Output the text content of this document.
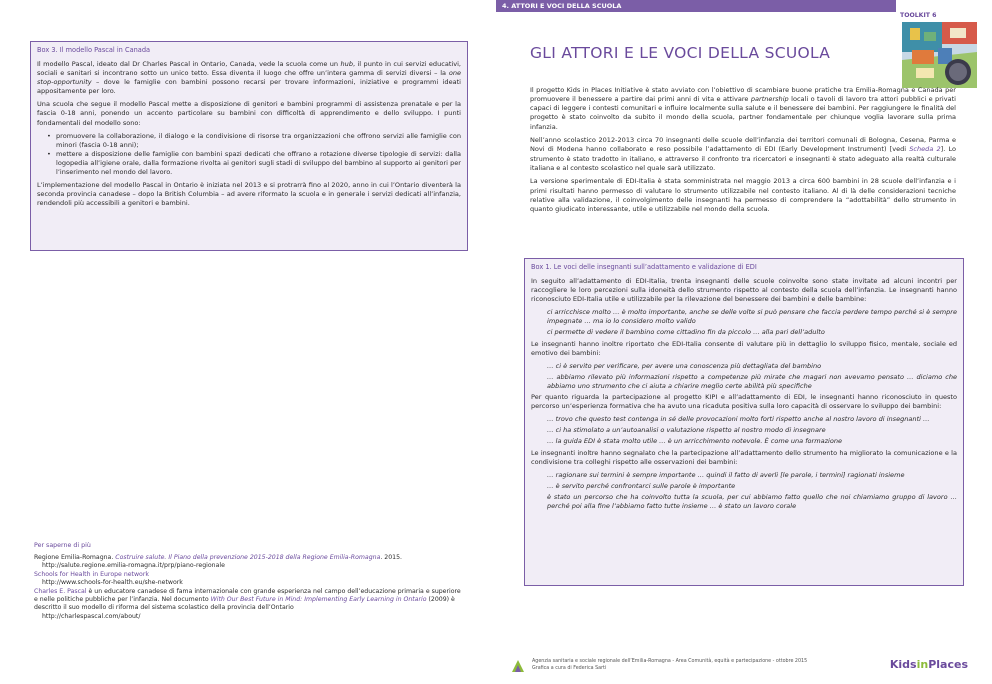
Box 3. Il modello Pascal in Canada

Il modello Pascal, ideato dal Dr Charles Pascal in Ontario, Canada, vede la scuola come un hub, il punto in cui servizi educativi, sociali e sanitari si incontrano sotto un unico tetto. Essa diventa il luogo che offre un’intera gamma di servizi diversi – la one stop-opportunity – dove le famiglie con bambini possono recarsi per trovare informazioni, iniziative e programmi ideati appositamente per loro.

Una scuola che segue il modello Pascal mette a disposizione di genitori e bambini programmi di assistenza prenatale e per la fascia 0-18 anni, ponendo un accento particolare su bambini con difficoltà di apprendimento e dello sviluppo. I punti fondamentali del modello sono:

• promuovere la collaborazione, il dialogo e la condivisione di risorse tra organizzazioni che offrono servizi alle famiglie con minori (fascia 0-18 anni);
• mettere a disposizione delle famiglie con bambini spazi dedicati che offrano a rotazione diverse tipologie di servizi: dalla logopedia all’igiene orale, dalla formazione rivolta ai genitori sugli stadi di sviluppo del bambino al supporto ai genitori per l’inserimento nel mondo del lavoro.

L’implementazione del modello Pascal in Ontario è iniziata nel 2013 e si protrarrà fino al 2020, anno in cui l’Ontario diventerà la seconda provincia canadese – dopo la British Columbia – ad avere riformato la scuola e in generale i servizi dedicati all’infanzia, rendendoli più accessibili a genitori e bambini.

Per saperne di più

Regione Emilia-Romagna. Costruire salute. Il Piano della prevenzione 2015-2018 della Regione Emilia-Romagna. 2015.

http://salute.regione.emilia-romagna.it/prp/piano-regionale

Schools for Health in Europe network

http://www.schools-for-health.eu/she-network

Charles E. Pascal è un educatore canadese di fama internazionale con grande esperienza nel campo dell’educazione primaria e superiore e nelle politiche pubbliche per l’infanzia. Nel documento With Our Best Future in Mind: Implementing Early Learning in Ontario (2009) è descritto il suo modello di riforma del sistema scolastico della provincia dell’Ontario

http://charlespascal.com/about/

4. ATTORI E VOCI DELLA SCUOLA
TOOLKIT 6
GLI ATTORI E LE VOCI DELLA SCUOLA

Il progetto Kids in Places Initiative è stato avviato con l’obiettivo di scambiare buone pratiche tra Emilia-Romagna e Canada per promuovere il benessere a partire dai primi anni di vita e attivare partnership locali o tavoli di lavoro tra attori pubblici e privati capaci di leggere i contesti comunitari e influire localmente sulla salute e il benessere dei bambini. Per raggiungere le finalità del progetto è stato coinvolto da subito il mondo della scuola, partner fondamentale per chiunque voglia lavorare sulla prima infanzia.

Nell’anno scolastico 2012-2013 circa 70 insegnanti delle scuole dell’infanzia dei territori comunali di Bologna, Cesena, Parma e Novi di Modena hanno collaborato e reso possibile l’adattamento di EDI (Early Development Instrument) [vedi Scheda 2]. Lo strumento è stato tradotto in italiano, e attraverso il confronto tra ricercatori e insegnanti è stato adeguato alla realtà culturale italiana e al contesto scolastico nel quale sarà utilizzato.

La versione sperimentale di EDI-Italia è stata somministrata nel maggio 2013 a circa 600 bambini in 28 scuole dell’infanzia e i primi risultati hanno permesso di valutare lo strumento utilizzabile nel contesto italiano. Al di là delle considerazioni tecniche relative alla validazione, il coinvolgimento delle insegnanti ha permesso di comprendere la “adottabilità” dello strumento in quanto giudicato interessante, utile e utilizzabile nel mondo della scuola.

Box 1. Le voci delle insegnanti sull’adattamento e validazione di EDI

In seguito all’adattamento di EDI-Italia, trenta insegnanti delle scuole coinvolte sono state invitate ad alcuni incontri per raccogliere le loro percezioni sulla idoneità dello strumento rispetto al contesto della scuola dell’infanzia. Le insegnanti hanno riconosciuto EDI-Italia utile e utilizzabile per la rilevazione del benessere dei bambini e delle bambine:

ci arricchisce molto … è molto importante, anche se delle volte si può pensare che faccia perdere tempo perché si è sempre impegnate … ma io lo considero molto valido

ci permette di vedere il bambino come cittadino fin da piccolo … alla pari dell’adulto

Le insegnanti hanno inoltre riportato che EDI-Italia consente di valutare più in dettaglio lo sviluppo fisico, mentale, sociale ed emotivo dei bambini:

… ci è servito per verificare, per avere una conoscenza più dettagliata del bambino

… abbiamo rilevato più informazioni rispetto a competenze più mirate che magari non avevamo pensato … diciamo che abbiamo uno strumento che ci aiuta a chiarire meglio certe abilità più specifiche

Per quanto riguarda la partecipazione al progetto KIPI e all’adattamento di EDI, le insegnanti hanno riconosciuto in questo percorso un’esperienza formativa che ha avuto una ricaduta positiva sulla loro capacità di osservare lo sviluppo dei bambini:

… trovo che questo test contenga in sé delle provocazioni molto forti rispetto anche al nostro lavoro di insegnanti …

… ci ha stimolato a un’autoanalisi o valutazione rispetto al nostro modo di insegnare

… la guida EDI è stata molto utile … è un arricchimento notevole. È come una formazione

Le insegnanti inoltre hanno segnalato che la partecipazione all’adattamento dello strumento ha migliorato la comunicazione e la condivisione tra colleghi rispetto alle osservazioni dei bambini:

… ragionare sui termini è sempre importante … quindi il fatto di averli [le parole, i termini] ragionati insieme

… è servito perché confrontarci sulle parole è importante

è stato un percorso che ha coinvolto tutta la scuola, per cui abbiamo fatto quello che noi chiamiamo gruppo di lavoro … perché poi alla fine l’abbiamo fatto tutte insieme … è stato un lavoro corale

Agenzia sanitaria e sociale regionale dell’Emilia-Romagna - Area Comunità, equità e partecipazione - ottobre 2015
Grafica a cura di Federica Sarti	KidsinPlaces
